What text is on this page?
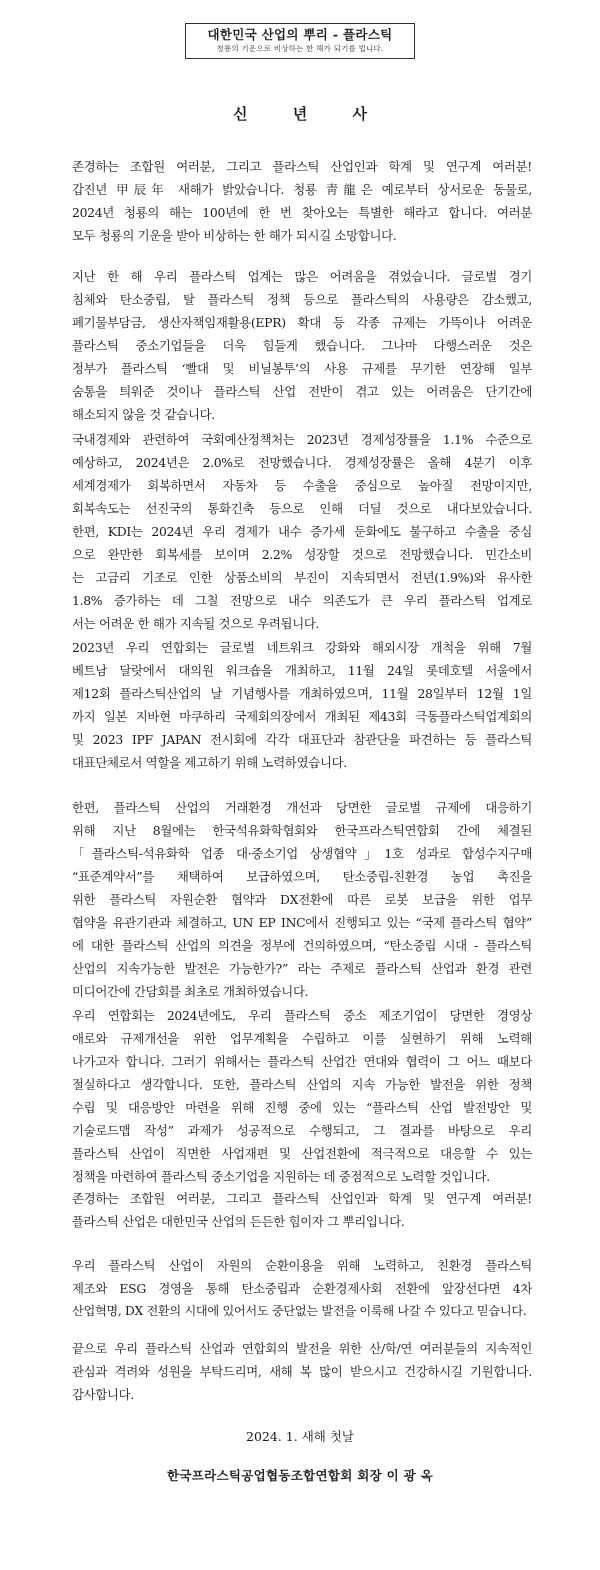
대한민국 산업의 뿌리 - 플라스틱
청룡의 기운으로 비상하는 한 해가 되기를 빕니다.
신 년 사
존경하는 조합원 여러분, 그리고 플라스틱 산업인과 학계 및 연구계 여러분!
갑진년 甲辰年 새해가 밝았습니다. 청룡 靑龍은 예로부터 상서로운 동물로,
2024년 청룡의 해는 100년에 한 번 찾아오는 특별한 해라고 합니다. 여러분
모두 청룡의 기운을 받아 비상하는 한 해가 되시길 소망합니다.
지난 한 해 우리 플라스틱 업계는 많은 어려움을 겪었습니다. 글로벌 경기
침체와 탄소중립, 탈 플라스틱 정책 등으로 플라스틱의 사용량은 감소했고,
폐기물부담금, 생산자책임재활용(EPR) 확대 등 각종 규제는 가뜩이나 어려운
플라스틱 중소기업들을 더욱 힘들게 했습니다. 그나마 다행스러운 것은
정부가 플라스틱 ‘빨대 및 비닐봉투’의 사용 규제를 무기한 연장해 일부
숨통을 틔워준 것이나 플라스틱 산업 전반이 겪고 있는 어려움은 단기간에
해소되지 않을 것 같습니다.
국내경제와 관련하여 국회예산정책처는 2023년 경제성장률을 1.1% 수준으로
예상하고, 2024년은 2.0%로 전망했습니다. 경제성장률은 올해 4분기 이후
세계경제가 회복하면서 자동차 등 수출을 중심으로 높아질 전망이지만,
회복속도는 선진국의 통화긴축 등으로 인해 더딜 것으로 내다보았습니다.
한편, KDI는 2024년 우리 경제가 내수 증가세 둔화에도 불구하고 수출을 중심
으로 완만한 회복세를 보이며 2.2% 성장할 것으로 전망했습니다. 민간소비
는 고금리 기조로 인한 상품소비의 부진이 지속되면서 전년(1.9%)와 유사한
1.8% 증가하는 데 그칠 전망으로 내수 의존도가 큰 우리 플라스틱 업계로
서는 어려운 한 해가 지속될 것으로 우려됩니다.
2023년 우리 연합회는 글로벌 네트워크 강화와 해외시장 개척을 위해 7월
베트남 달랏에서 대의원 워크숍을 개최하고, 11월 24일 롯데호텔 서울에서
제12회 플라스틱산업의 날 기념행사를 개최하였으며, 11월 28일부터 12월 1일
까지 일본 지바현 마쿠하리 국제회의장에서 개최된 제43회 극동플라스틱업계회의
및 2023 IPF JAPAN 전시회에 각각 대표단과 참관단을 파견하는 등 플라스틱
대표단체로서 역할을 제고하기 위해 노력하였습니다.
한편, 플라스틱 산업의 거래환경 개선과 당면한 글로벌 규제에 대응하기
위해 지난 8월에는 한국석유화학협회와 한국프라스틱연합회 간에 체결된
「플라스틱-석유화학 업종 대·중소기업 상생협약」1호 성과로 합성수지구매
“표준계약서”를 채택하여 보급하였으며, 탄소중립-친환경 농업 촉진을
위한 플라스틱 자원순환 협약과 DX전환에 따른 로봇 보급을 위한 업무
협약을 유관기관과 체결하고, UN EP INC에서 진행되고 있는 “국제 플라스틱 협약”
에 대한 플라스틱 산업의 의견을 정부에 건의하였으며, “탄소중립 시대 - 플라스틱
산업의 지속가능한 발전은 가능한가?” 라는 주제로 플라스틱 산업과 환경 관련
미디어간에 간담회를 최초로 개최하였습니다.
우리 연합회는 2024년에도, 우리 플라스틱 중소 제조기업이 당면한 경영상
애로와 규제개선을 위한 업무계획을 수립하고 이를 실현하기 위해 노력해
나가고자 합니다. 그러기 위해서는 플라스틱 산업간 연대와 협력이 그 어느 때보다
절실하다고 생각합니다. 또한, 플라스틱 산업의 지속 가능한 발전을 위한 정책
수립 및 대응방안 마련을 위해 진행 중에 있는 “플라스틱 산업 발전방안 및
기술로드맵 작성” 과제가 성공적으로 수행되고, 그 결과를 바탕으로 우리
플라스틱 산업이 직면한 사업재편 및 산업전환에 적극적으로 대응할 수 있는
정책을 마련하여 플라스틱 중소기업을 지원하는 데 중점적으로 노력할 것입니다.
존경하는 조합원 여러분, 그리고 플라스틱 산업인과 학계 및 연구계 여러분!
플라스틱 산업은 대한민국 산업의 든든한 힘이자 그 뿌리입니다.
우리 플라스틱 산업이 자원의 순환이용을 위해 노력하고, 친환경 플라스틱
제조와 ESG 경영을 통해 탄소중립과 순환경제사회 전환에 앞장선다면 4차
산업혁명, DX 전환의 시대에 있어서도 중단없는 발전을 이룩해 나갈 수 있다고 믿습니다.
끝으로 우리 플라스틱 산업과 연합회의 발전을 위한 산/학/연 여러분들의 지속적인
관심과 격려와 성원을 부탁드리며, 새해 복 많이 받으시고 건강하시길 기원합니다.
감사합니다.
2024. 1. 새해 첫날
한국프라스틱공업협동조합연합회 회장 이 광 옥
